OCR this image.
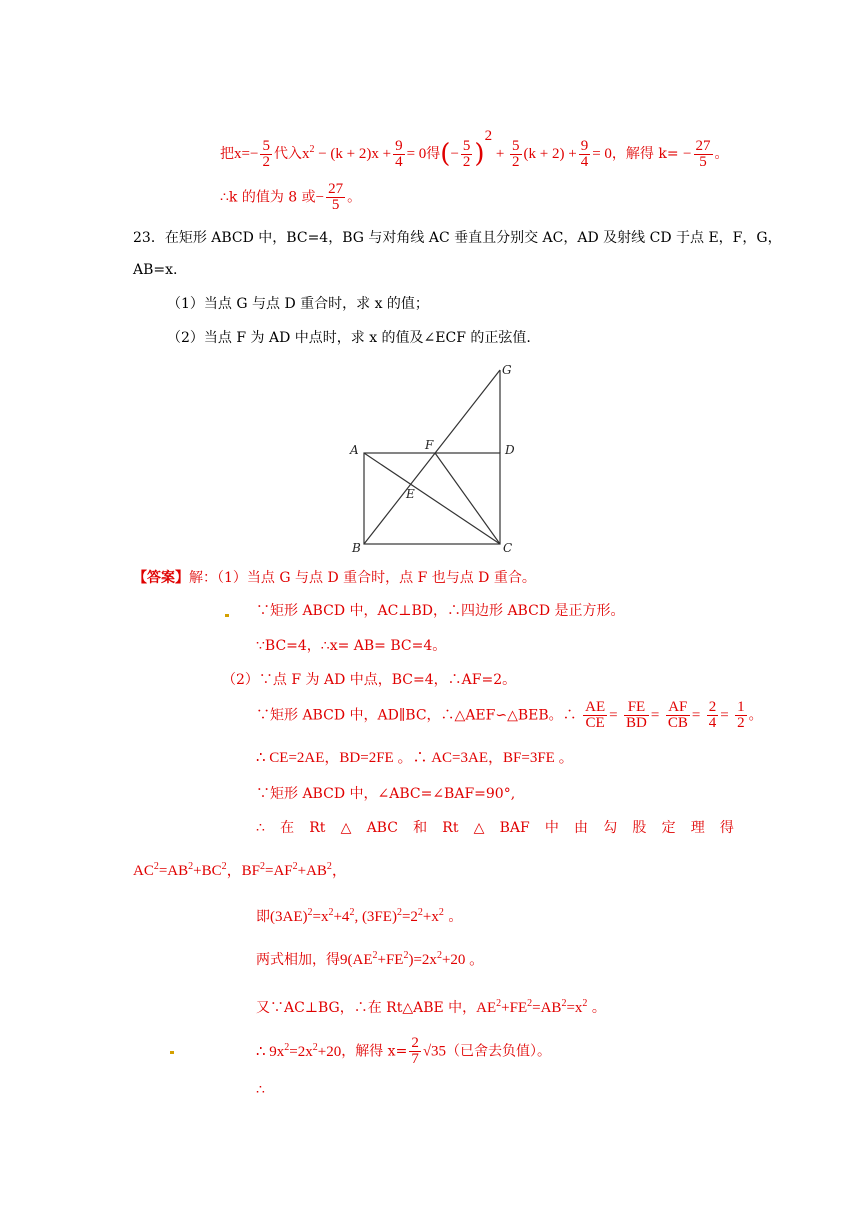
把$x=- \frac{5}{2}$ 代入$x^2 - (k + 2)x + \frac{9}{4} = 0$得(− $\frac{5}{2} )^2 + \frac{5}{2} (k + 2) + \frac{9}{4} = 0$，解得 $k= - \frac{27}{5}$ 。
∴k 的值为 8 或− $\frac{27}{5}$ 。
23．在矩形 ABCD 中，BC=4，BG 与对角线 AC 垂直且分别交 AC，AD 及射线 CD 于点 E，F，G，
AB=x.
（1）当点 G 与点 D 重合时，求 x 的值；
（2）当点 F 为 AD 中点时，求 x 的值及∠ECF 的正弦值.
A
B	C
D
E
F
G
【答案】解：（1）当点 G 与点 D 重合时，点 F 也与点 D 重合。
∵矩形 ABCD 中，AC⊥BD，∴四边形 ABCD 是正方形。
∵BC=4，∴x= AB= BC=4。
（2）∵点 F 为 AD 中点，BC=4，∴AF=2。
∵矩形 ABCD 中，AD∥BC，∴△AEF∽△BEB。∴ $\frac{AE}{CE} = \frac{FE}{BD} = \frac{AF}{CB} = \frac{2}{4} = \frac{1}{2}$ 。
∴ CE=2AE，BD=2FE 。∴ AC=3AE，BF=3FE 。
∵矩形 ABCD 中，∠ABC=∠BAF=90°,
∴ 在 Rt △ ABC 和 Rt △ BAF 中 由 勾 股 定 理 得
$AC^2=AB^2+BC^2$，$BF^2=AF^2+AB^2$，
即$(3AE)^2=x^2+4^2$, $(3FE)^2=2^2+x^2$ 。
两式相加，得$9(AE^2+FE^2)=2x^2+20$ 。
又∵AC⊥BG，∴在 Rt△ABE 中，$AE^2+FE^2=AB^2=x^2$ 。
∴ $9x^2=2x^2+20$，解得 $x= \frac{2}{7} √35$（已舍去负值）。
∴
